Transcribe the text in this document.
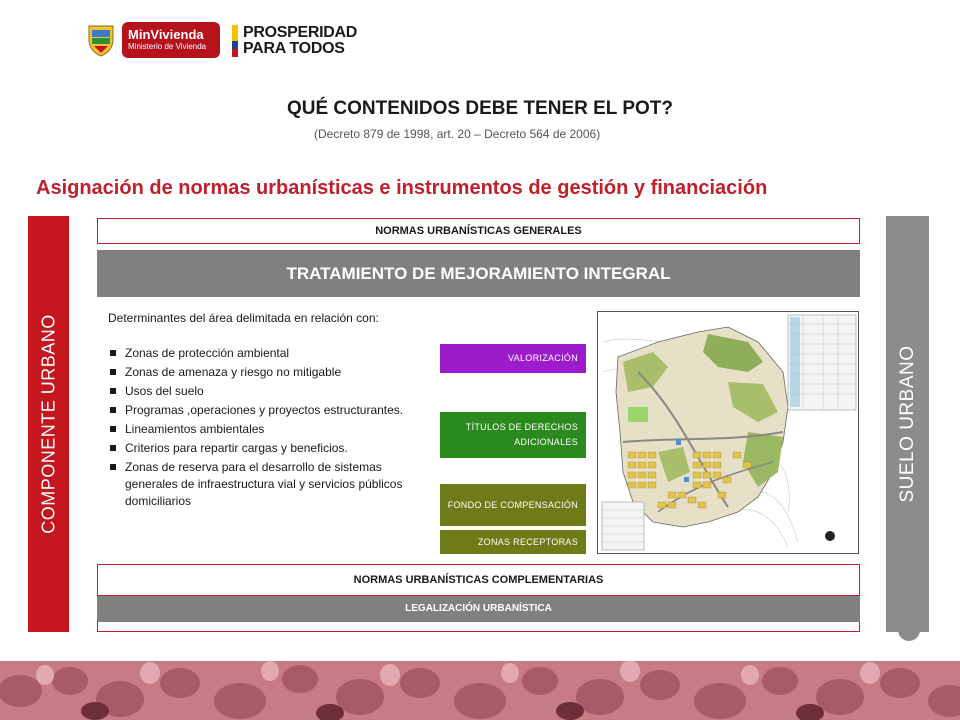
MinVivienda
Ministerio de Vivienda
PROSPERIDAD
PARA TODOS
QUÉ CONTENIDOS DEBE TENER EL POT?
(Decreto 879 de 1998, art. 20 – Decreto 564 de 2006)
Asignación de normas urbanísticas e instrumentos de gestión y financiación
COMPONENTE URBANO	SUELO URBANO
NORMAS URBANÍSTICAS GENERALES
TRATAMIENTO DE MEJORAMIENTO INTEGRAL

Determinantes del área delimitada en relación con:

Zonas de protección ambiental
Zonas de amenaza y riesgo no mitigable
Usos del suelo
Programas ,operaciones y proyectos estructurantes.
Lineamientos ambientales
Criterios para repartir cargas y beneficios.
Zonas de reserva para el desarrollo de sistemas generales de infraestructura vial y servicios públicos domiciliarios
VALORIZACIÓN
TÍTULOS DE DERECHOS ADICIONALES
FONDO DE COMPENSACIÓN
ZONAS RECEPTORAS
NORMAS URBANÍSTICAS COMPLEMENTARIAS
LEGALIZACIÓN URBANÍSTICA
